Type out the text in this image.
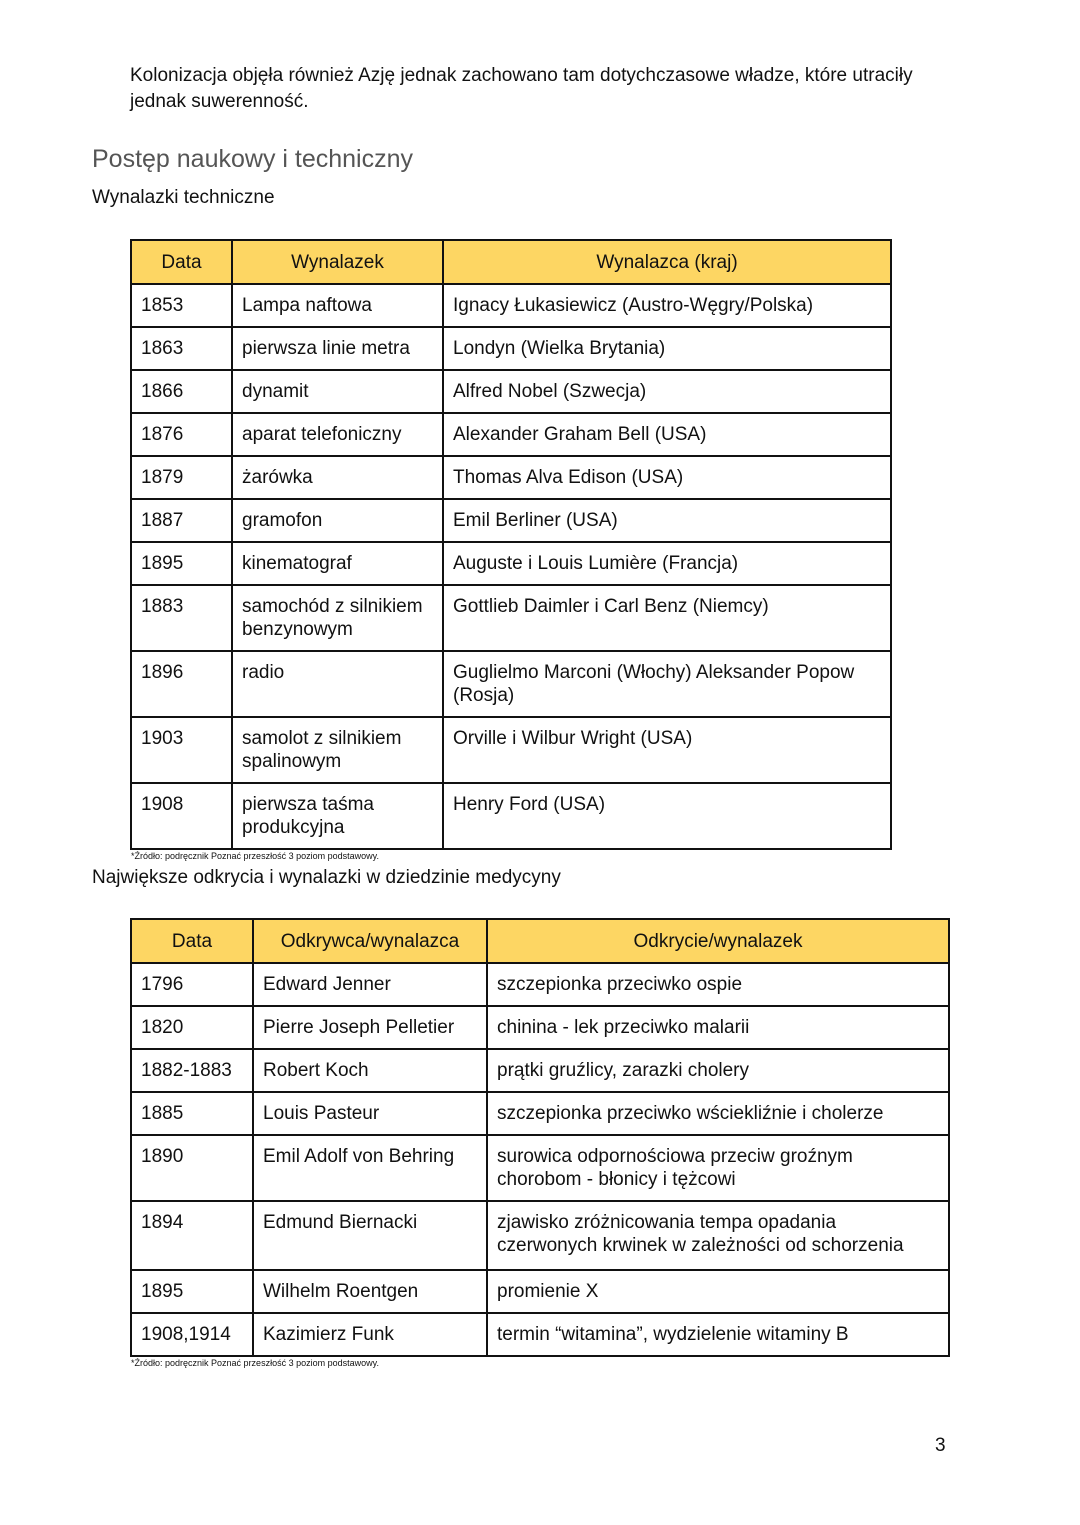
Kolonizacja objęła również Azję jednak zachowano tam dotychczasowe władze, które utraciły jednak suwerenność.
Postęp naukowy i techniczny
Wynalazki techniczne
Data	Wynalazek	Wynalazca (kraj)
1853	Lampa naftowa	Ignacy Łukasiewicz (Austro-Węgry/Polska)
1863	pierwsza linie metra	Londyn (Wielka Brytania)
1866	dynamit	Alfred Nobel (Szwecja)
1876	aparat telefoniczny	Alexander Graham Bell (USA)
1879	żarówka	Thomas Alva Edison (USA)
1887	gramofon	Emil Berliner (USA)
1895	kinematograf	Auguste i Louis Lumière (Francja)
1883	samochód z silnikiem benzynowym	Gottlieb Daimler i Carl Benz (Niemcy)
1896	radio	Guglielmo Marconi (Włochy) Aleksander Popow (Rosja)
1903	samolot z silnikiem spalinowym	Orville i Wilbur Wright (USA)
1908	pierwsza taśma produkcyjna	Henry Ford (USA)
*Źródło: podręcznik Poznać przeszłość 3 poziom podstawowy.
Największe odkrycia i wynalazki w dziedzinie medycyny
Data	Odkrywca/wynalazca	Odkrycie/wynalazek
1796	Edward Jenner	szczepionka przeciwko ospie
1820	Pierre Joseph Pelletier	chinina - lek przeciwko malarii
1882-1883	Robert Koch	prątki gruźlicy, zarazki cholery
1885	Louis Pasteur	szczepionka przeciwko wściekliźnie i cholerze
1890	Emil Adolf von Behring	surowica odpornościowa przeciw groźnym chorobom - błonicy i tężcowi
1894	Edmund Biernacki	zjawisko zróżnicowania tempa opadania czerwonych krwinek w zależności od schorzenia
1895	Wilhelm Roentgen	promienie X
1908,1914	Kazimierz Funk	termin “witamina”, wydzielenie witaminy B
*Źródło: podręcznik Poznać przeszłość 3 poziom podstawowy.
3
